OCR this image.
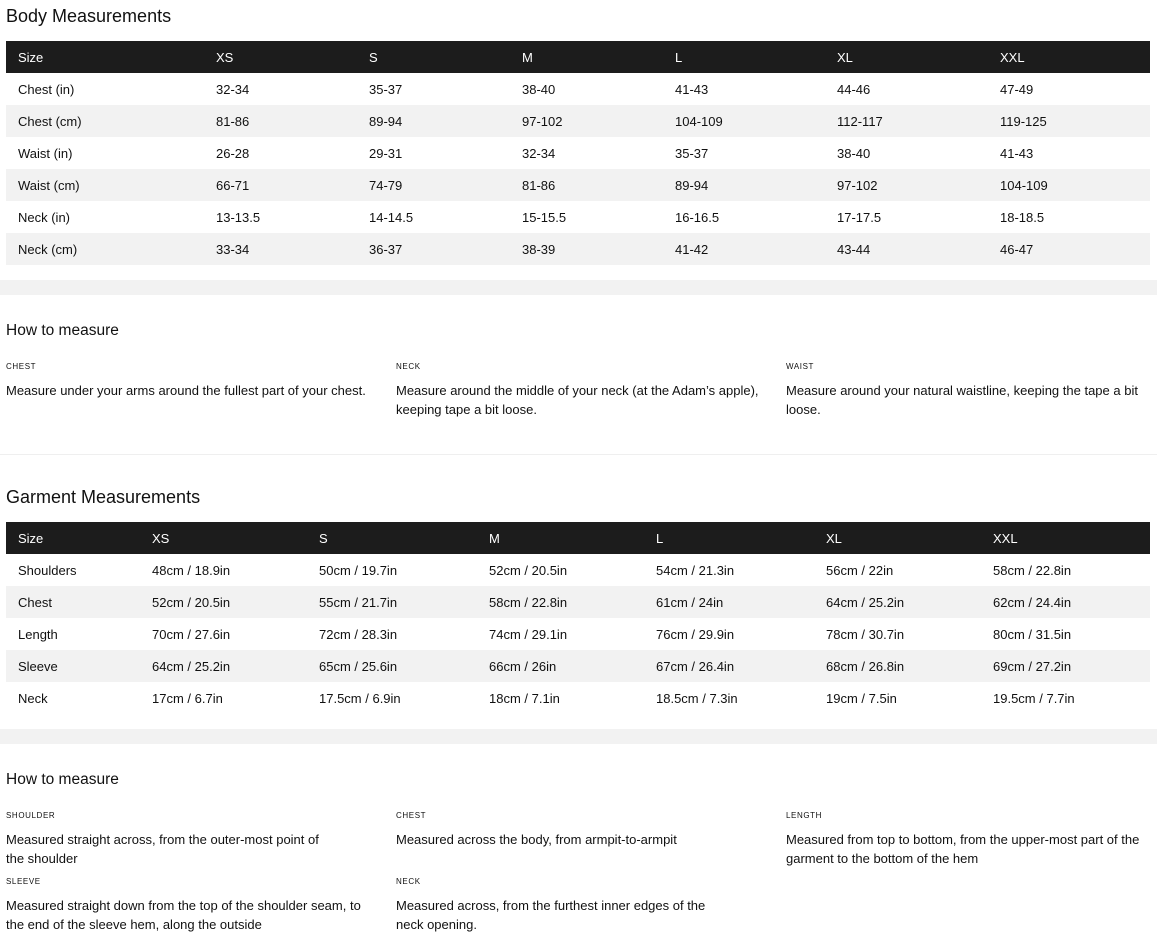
Body Measurements
Size	XS	S	M	L	XL	XXL
Chest (in)	32-34	35-37	38-40	41-43	44-46	47-49
Chest (cm)	81-86	89-94	97-102	104-109	112-117	119-125
Waist (in)	26-28	29-31	32-34	35-37	38-40	41-43
Waist (cm)	66-71	74-79	81-86	89-94	97-102	104-109
Neck (in)	13-13.5	14-14.5	15-15.5	16-16.5	17-17.5	18-18.5
Neck (cm)	33-34	36-37	38-39	41-42	43-44	46-47
How to measure
CHEST
Measure under your arms around the fullest part of your chest.
NECK
Measure around the middle of your neck (at the Adam’s apple), keeping tape a bit loose.
WAIST
Measure around your natural waistline, keeping the tape a bit loose.
Garment Measurements
Size	XS	S	M	L	XL	XXL
Shoulders	48cm / 18.9in	50cm / 19.7in	52cm / 20.5in	54cm / 21.3in	56cm / 22in	58cm / 22.8in
Chest	52cm / 20.5in	55cm / 21.7in	58cm / 22.8in	61cm / 24in	64cm / 25.2in	62cm / 24.4in
Length	70cm / 27.6in	72cm / 28.3in	74cm / 29.1in	76cm / 29.9in	78cm / 30.7in	80cm / 31.5in
Sleeve	64cm / 25.2in	65cm / 25.6in	66cm / 26in	67cm / 26.4in	68cm / 26.8in	69cm / 27.2in
Neck	17cm / 6.7in	17.5cm / 6.9in	18cm / 7.1in	18.5cm / 7.3in	19cm / 7.5in	19.5cm / 7.7in
How to measure
SHOULDER
Measured straight across, from the outer-most point of the shoulder
CHEST
Measured across the body, from armpit-to-armpit
LENGTH
Measured from top to bottom, from the upper-most part of the garment to the bottom of the hem
SLEEVE
Measured straight down from the top of the shoulder seam, to the end of the sleeve hem, along the outside
NECK
Measured across, from the furthest inner edges of the neck opening.
